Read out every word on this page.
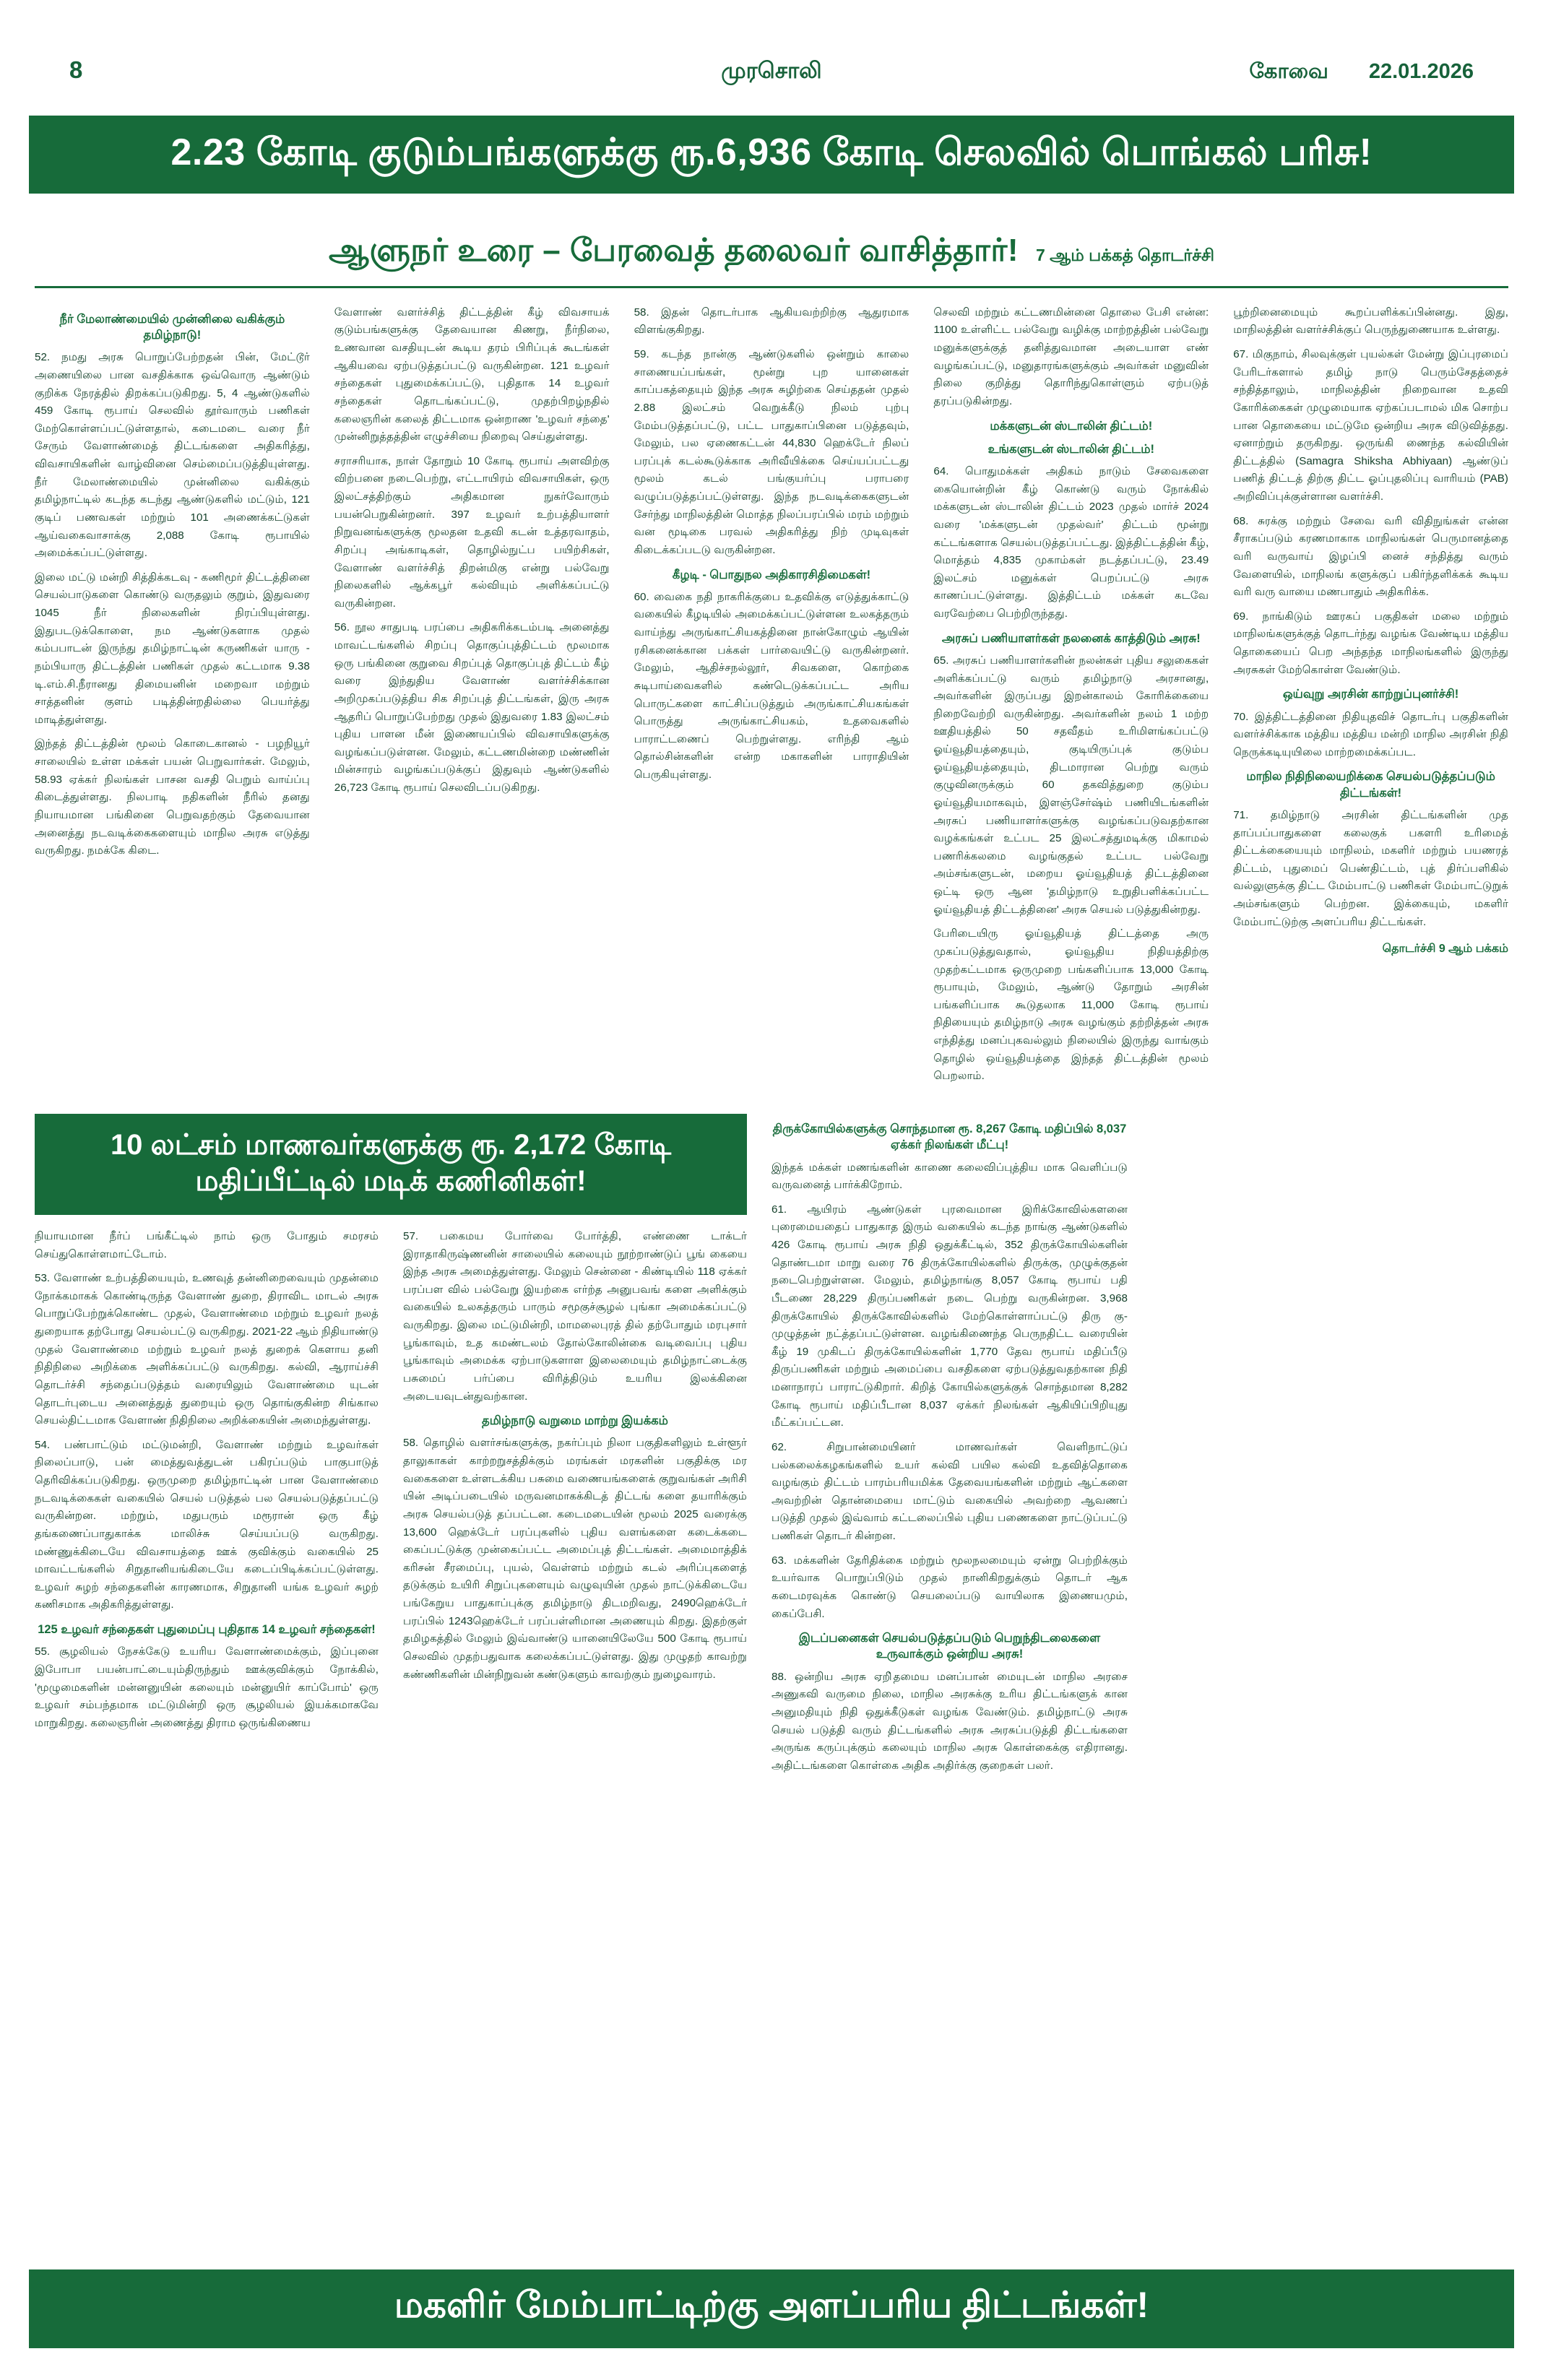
8	முரசொலி	கோவை 22.01.2026
2.23 கோடி குடும்பங்களுக்கு ரூ.6,936 கோடி செலவில் பொங்கல் பரிசு!
ஆளுநர் உரை – பேரவைத் தலைவர் வாசித்தார்! 7 ஆம் பக்கத் தொடர்ச்சி
நீர் மேலாண்மையில் முன்னிலை வகிக்கும் தமிழ்நாடு!

52. நமது அரசு பொறுப்பேற்றதன் பின், மேட்டூர் அணையிலை பான வசதிக்காக ஒவ்வொரு ஆண்டும் குறிக்க நேரத்தில் திறக்கப்படுகிறது. 5, 4 ஆண்டுகளில் 459 கோடி ரூபாய் செலவில் தூர்வாரும் பணிகள் மேற்கொள்ளப்பட்டுள்ளதால், கடைமடை வரை நீர் சேரும் வேளாண்மைத் திட்டங்களை அதிகரித்து, விவசாயிகளின் வாழ்வினை செம்மைப்படுத்தியுள்ளது. நீர் மேலாண்மையில் முன்னிலை வகிக்கும் தமிழ்நாட்டில் கடந்த கடந்து ஆண்டுகளில் மட்டும், 121 குடிப் பணவகள் மற்றும் 101 அணைக்கட்டுகள் ஆய்வகைவாசாக்கு 2,088 கோடி ரூபாயில் அமைக்கப்பட்டுள்ளது.

இலை மட்டு மன்றி சித்திக்கடவு - கணிமூர் திட்டத்தினை செயல்பாடுகளை கொண்டு வருதலும் குறும், இதுவரை 1045 நீர் நிலைகளின் நிரப்பியுள்ளது. இதுபடடுக்கொளை, நம ஆண்டுகளாக முதல் கம்பபாடன் இருந்து தமிழ்நாட்டின் கருணிகள் யாரு - நம்பியாரு திட்டத்தின் பணிகள் முதல் கட்டமாக 9.38 டி.எம்.சி.நீரானது திமையனின் மறைவா மற்றும் சாத்தனின் குளம் படித்தின்றதில்லை பெயர்த்து மாடித்துள்ளது.

இந்தத் திட்டத்தின் மூலம் கொடைகானல் - பழநியூர் சாலையில் உள்ள மக்கள் பயன் பெறுவார்கள். மேலும், 58.93 ஏக்கர் நிலங்கள் பாசன வசதி பெறும் வாய்ப்பு கிடைத்துள்ளது. நிலபாடி நதிகளின் நீரில் தனது நியாயமான பங்கினை பெறுவதற்கும் தேவையான அனைத்து நடவடிக்கைகளையும் மாநில அரசு எடுத்து வருகிறது. நமக்கே கிடை.

வேளாண் வளர்ச்சித் திட்டத்தின் கீழ் விவசாயக் குடும்பங்களுக்கு தேவையான கிணறு, நீர்நிலை, உணவான வசதியுடன் கூடிய தரம் பிரிப்புக் கூடங்கள் ஆகியவை ஏற்படுத்தப்பட்டு வருகின்றன. 121 உழவர் சந்தைகள் புதுமைக்கப்பட்டு, புதிதாக 14 உழவர் சந்தைகள் தொடங்கப்பட்டு, முதற்பிறழ்நதில் கலைஞரின் கலைத் திட்டமாக ஒன்றாண 'உழவர் சந்தை' முன்னிறுத்தத்தின் எழுச்சியை நிறைவு செய்துள்ளது.

சராசரியாக, நாள் தோறும் 10 கோடி ரூபாய் அளவிற்கு விற்பனை நடைபெற்று, எட்டாயிரம் விவசாயிகள், ஒரு இலட்சத்திற்கும் அதிகமான நுகர்வோரும் பயன்பெறுகின்றனர். 397 உழவர் உற்பத்தியாளர் நிறுவனங்களுக்கு மூலதன உதவி கடன் உத்தரவாதம், சிறப்பு அங்காடிகள், தொழில்நுட்ப பயிற்சிகள், வேளாண் வளர்ச்சித் திறன்மிகு என்று பல்வேறு நிலைகளில் ஆக்கபூர் கல்வியும் அளிக்கப்பட்டு வருகின்றன.

56. நூல சாதுபடி பரப்பை அதிகரிக்கடம்படி அனைத்து மாவட்டங்களில் சிறப்பு தொகுப்புத்திட்டம் மூலமாக ஒரு பங்கினை குறுவை சிறப்புத் தொகுப்புத் திட்டம் கீழ் வரை இந்துதிய வேளாண் வளர்ச்சிக்கான அறிமுகப்படுத்திய சிக சிறப்புத் திட்டங்கள், இரு அரசு ஆதரிப் பொறுப்பேற்றது முதல் இதுவரை 1.83 இலட்சம் புதிய பாளன மீன் இணையப்பில் விவசாயிகளுக்கு வழங்கப்படுள்ளன. மேலும், கட்டணமின்றை மண்ணின் மின்சாரம் வழங்கப்படுக்குப் இதுவும் ஆண்டுகளில் 26,723 கோடி ரூபாய் செலவிடப்படுகிறது.

58. இதன் தொடர்பாக ஆகியவற்றிற்கு ஆதுரமாக விளங்குகிறது.

59. கடந்த நான்கு ஆண்டுகளில் ஒன்றும் காலை சாணையப்பங்கள், மூன்று புற யானைகள் காப்பகத்தையும் இந்த அரசு சுழிற்கை செய்ததன் முதல் 2.88 இலட்சம் வெறுக்கீடு நிலம் புற்பு மேம்படுத்தப்பட்டு, பட்ட பாதுகாப்பினை படுத்தவும், மேலும், பல ஏணைகட்டன் 44,830 ஹெக்டேர் நிலப் பரப்புக் கடல்கூடுக்காக அரிவீயிக்கை செய்யப்பட்டது மூலம் கடல் பங்குயர்ப்பு பராபரை வழுப்படுத்தப்பட்டுள்ளது. இந்த நடவடிக்கைகளுடன் சேர்ந்து மாநிலத்தின் மொத்த நிலப்பரப்பில் மரம் மற்றும் வன மூடிகை பரவல் அதிகரித்து நிற் முடிவுகள் கிடைக்கப்படடு வருகின்றன.

கீழடி - பொதுநல அதிகாரசிதிமைகள்!

60. வைகை நதி நாகரிக்குபை உதவிக்கு எடுத்துக்காட்டு வகையில் கீழடியில் அமைக்கப்பட்டுள்ளன உலகத்தரும் வாய்ந்து அருங்காட்சியகத்தினை நான்கோழும் ஆயின் ரசிகனைக்கான பக்கள் பார்வையிட்டு வருகின்றனர். மேலும், ஆதிச்சநல்லூர், சிவகளை, கொற்கை சுடிபாய்வைகளில் கண்டெடுக்கப்பட்ட அரிய பொருட்களை காட்சிப்படுத்தும் அருங்காட்சியகங்கள் பொருத்து அருங்காட்சியகம், உதவைகளில் பாராட்டணைப் பெற்றுள்ளது. எரிந்தி ஆம் தொல்சின்களின் என்ற மகாகளின் பாராதியின் பெருகியுள்ளது.

செலவி மற்றும் கட்டணமின்னை தொலை பேசி என்ன: 1100 உள்ளிட்ட பல்வேறு வழிக்கு மாற்றத்தின் பல்வேறு மனுக்களுக்குத் தனித்துவமான அடையாள எண் வழங்கப்பட்டு, மனுதாரங்களுக்கும் அவர்கள் மனுவின் நிலை குறித்து தொரிந்துகொள்ளும் ஏற்படுத் தரப்படுகின்றது.

மக்களுடன் ஸ்டாலின் திட்டம்!
உங்களுடன் ஸ்டாலின் திட்டம்!

64. பொதுமக்கள் அதிகம் நாடும் சேவைகளை கையொன்றின் கீழ் கொண்டு வரும் நோக்கில் மக்களுடன் ஸ்டாலின் திட்டம் 2023 முதல் மார்ச் 2024 வரை 'மக்களுடன் முதல்வர்' திட்டம் மூன்று கட்டங்களாக செயல்படுத்தப்பட்டது. இத்திட்டத்தின் கீழ், மொத்தம் 4,835 முகாம்கள் நடத்தப்பட்டு, 23.49 இலட்சம் மனுக்கள் பெறப்பட்டு அரசு காணப்பட்டுள்ளது. இத்திட்டம் மக்கள் கடவே வரவேற்பை பெற்றிருந்தது.

அரசுப் பணியாளர்கள் நலனைக் காத்திடும் அரசு!

65. அரசுப் பணியாளர்களின் நலன்கள் புதிய சலுகைகள் அளிக்கப்பட்டு வரும் தமிழ்நாடு அரசானது, அவர்களின் இருப்பது இறன்காலம் கோரிக்கையை நிறைவேற்றி வருகின்றது. அவர்களின் நலம் 1 மற்ற ஊதியத்தில் 50 சதவீதம் உரிமிளங்கப்பட்டு ஓய்வூதியத்தையும், குடியிருப்புக் குடும்ப ஓய்வூதியத்தையும், திடமாரான பெற்று வரும் குழுவினருக்கும் 60 தகவித்துறை குடும்ப ஓய்வூதியமாகவும், இளஞ்சேர்ஷ்ம் பணியிடங்களின் அரசுப் பணியாளர்களுக்கு வழங்கப்படுவதற்கான வழக்கங்கள் உட்பட 25 இலட்சத்துமடிக்கு மிகாமல் பணரிக்கலமை வழங்குதல் உட்பட பல்வேறு அம்சங்களுடன், மறைய ஓய்வூதியத் திட்டத்தினை ஒட்டி ஒரு ஆன 'தமிழ்நாடு உறுதிபளிக்கப்பட்ட ஓய்வூதியத் திட்டத்தினை' அரசு செயல் படுத்துகின்றது.

பேரிடையிரு ஓய்வூதியத் திட்டத்தை அரு முகப்படுத்துவதால், ஓய்வூதிய நிதியத்திற்கு முதற்கட்டமாக ஒருமுறை பங்களிப்பாக 13,000 கோடி ரூபாயும், மேலும், ஆண்டு தோறும் அரசின் பங்களிப்பாக கூடுதலாக 11,000 கோடி ரூபாய் நிதியையும் தமிழ்நாடு அரசு வழங்கும் தற்றித்தன் அரசு எந்தித்து மனப்புகவல்லும் நிலையில் இருந்து வாங்கும் தொழில் ஒய்வூதியத்தை இந்தத் திட்டத்தின் மூலம் பெறலாம்.

பூற்றினைமையும் கூறப்பளிக்கப்பின்னது. இது, மாநிலத்தின் வளர்ச்சிக்குப் பெருந்துணையாக உள்ளது.

67. மிகுநாம், சிலவுக்குள் புயல்கள் மேன்று இப்புரமைப் பேரிடர்களால் தமிழ் நாடு பெரும்சேதத்தைச் சந்தித்தாலும், மாநிலத்தின் நிறைவான உதவி கோரிக்கைகள் முழுமையாக ஏற்கப்படாமல் மிக சொற்ப பான தொகையை மட்டுமே ஒன்றிய அரசு விடுவித்தது. ஏனாற்றும் தருகிறது. ஒருங்கி ணைந்த கல்வியின் திட்டத்தில் (Samagra Shiksha Abhiyaan) ஆண்டுப் பணித் திட்டத் திற்கு திட்ட ஓப்புதலிப்பு வாரியம் (PAB) அறிவிப்புக்குள்ளான வளர்ச்சி.

68. சுரக்கு மற்றும் சேவை வரி விதிநுங்கள் என்ன சீராகப்படும் கரணமாகாக மாநிலங்கள் பெருமானத்தை வரி வருவாய் இழப்பி னைச் சந்தித்து வரும் வேளையில், மாநிலங் களுக்குப் பகிர்ந்தளிக்கக் கூடிய வரி வரு வாயை மணபாதும் அதிகரிக்க.

69. நாங்கிடும் ஊரகப் பகுதிகள் மலை மற்றும் மாநிலங்களுக்குத் தொடர்ந்து வழங்க வேண்டிய மத்திய தொகையைப் பெற அந்தந்த மாநிலங்களில் இருந்து அரசுகள் மேற்கொள்ள வேண்டும்.

ஒய்வுறு அரசின் காற்றுப்புனர்ச்சி!

70. இத்திட்டத்தினை நிதியுதவிச் தொடர்பு பகுதிகளின் வளர்ச்சிக்காக மத்திய மத்திய மன்றி மாநில அரசின் நிதி நெருக்கடியுயிலை மாற்றமைக்கப்பட.

மாநில நிதிநிலையறிக்கை செயல்படுத்தப்படும் திட்டங்கள்!

71. தமிழ்நாடு அரசின் திட்டங்களின் முத தாப்பப்பாதுகளை கலைகுக் பகளரி உரிமைத் திட்டக்கையையும் மாநிலம், மகளிர் மற்றும் பயணரத் திட்டம், புதுமைப் பெண்திட்டம், புத் திர்ப்பளிகில் வல்லுளுக்கு திட்ட மேம்பாட்டு பணிகள் மேம்பாட்டுறுக் அம்சங்களும் பெற்றன. இக்கையும், மகளிர் மேம்பாட்டுற்கு அளப்பரிய திட்டங்கள்.

தொடர்ச்சி 9 ஆம் பக்கம்
10 லட்சம் மாணவர்களுக்கு ரூ. 2,172 கோடி மதிப்பீட்டில் மடிக் கணினிகள்!

நியாயமான நீர்ப் பங்கீட்டில் நாம் ஒரு போதும் சமரசம் செய்துகொள்ளமாட்டோம்.

53. வேளாண் உற்பத்தியையும், உணவுத் தன்னிறைவையும் முதன்மை நோக்கமாகக் கொண்டிருந்த வேளாண் துறை, திராவிட மாடல் அரசு பொறுப்பேற்றுக்கொண்ட முதல், வேளாண்மை மற்றும் உழவர் நலத் துறையாக தற்போது செயல்பட்டு வருகிறது. 2021-22 ஆம் நிதியாண்டு முதல் வேளாண்மை மற்றும் உழவர் நலத் துறைக் கெளாய தனி நிதிநிலை அறிக்கை அளிக்கப்பட்டு வருகிறது. கல்வி, ஆராய்ச்சி தொடர்ச்சி சந்தைப்படுத்தம் வரையிலும் வேளாண்மை யுடன் தொடர்புடைய அனைத்துத் துறையும் ஒரு தொங்குகின்ற சிங்கால செயல்திட்டமாக வேளாண் நிதிநிலை அறிக்கையின் அமைந்துள்ளது.

54. பண்பாட்டும் மட்டுமன்றி, வேளாண் மற்றும் உழவர்கள் நிலைப்பாடு, பன் மைத்துவத்துடன் பகிரப்படும் பாகுபாடுத் தெரிவிக்கப்படுகிறது. ஒருமுறை தமிழ்நாட்டின் பான வேளாண்மை நடவடிக்கைகள் வகையில் செயல் படுத்தல் பல செயல்படுத்தப்பட்டு வருகின்றன. மற்றும், மதுபரும் மரூரான் ஒரு கீழ் தங்கணைப்பாதுகாக்க மாலிச்சு செய்யப்படு வருகிறது. மண்ணுக்கிடையே விவசாயத்தை ஊக் குவிக்கும் வகையில் 25 மாவட்டங்களில் சிறுதானியங்கிடையே கடைப்பிடிக்கப்பட்டுள்ளது. உழவர் சுழற் சந்தைகளின் காரணமாக, சிறுதானி யங்க உழவர் சுழற் கணிசமாக அதிகரித்துள்ளது.

125 உழவர் சந்தைகள் புதுமைப்பு புதிதாக 14 உழவர் சந்தைகள்!

55. சூழலியல் நேசக்கேடு உயரிய வேளாண்மைக்கும், இப்புனை இபோபா பயன்பாட்டையும்திருந்தும் ஊக்குவிக்கும் நோக்கில், 'மூழுமைகளின் மன்னனுயின் கலையும் மன்னுயிர் காப்போம்' ஒரு உழவர் சம்பந்தமாக மட்டுமின்றி ஒரு சூழலியல் இயக்கமாகவே மாறுகிறது. கலைஞரின் அணைத்து திராம ஒருங்கிணைய

57. பகைமய போர்வை போர்த்தி, எண்ணை டாக்டர் இராதாகிருஷ்ணனின் சாலையில் கலையும் நூற்றாண்டுப் பூங் கையை இந்த அரசு அமைத்துள்ளது. மேலும் சென்னை - கிண்டியில் 118 ஏக்கர் பரப்பள வில் பல்வேறு இயற்கை எர்ற்த அனுபவங் களை அளிக்கும் வகையில் உலகத்தரும் பாரும் சமூகுச்சூழல் புங்கா அமைக்கப்பட்டு வருகிறது. இலை மட்டுமின்றி, மாமலைபுரத் தில் தற்போதும் மரபுசார் பூங்காவும், உத கமண்டலம் தோல்கோலின்கை வடிவைப்பு புதிய பூங்காவும் அமைக்க ஏற்பாடுகளாள இலைமையும் தமிழ்நாட்டைக்கு பசுமைப் பர்ப்பை விரித்திடும் உயரிய இலக்கினை அடையவுடன்துவற்கான.

தமிழ்நாடு வறுமை மாற்று இயக்கம்

58. தொழில் வளர்சங்களுக்கு, நகர்ப்பும் நிலா பகுதிகளிலும் உள்ளூர் தாலுகாகள் காற்றறுசத்திக்கும் மரங்கள் மரகளின் பகுதிக்கு மர வகைகளை உள்ளடக்கிய பசுமை வணையங்களைக் குறுவங்கள் அரிசி யின் அடிப்படையில் மருவனமாகக்கிடத் திட்டங் களை தயாரிக்கும் அரசு செயல்படுத் தப்பட்டன. கடைமடையின் மூலம் 2025 வரைக்கு 13,600 ஹெக்டேர் பரப்புகளில் புதிய வளங்களை கடைக்கடை கைப்பட்டுக்கு முன்கைப்பட்ட அமைப்புத் திட்டங்கள். அமைமாத்திக் கரிசன் சீரமைப்பு, புயல், வெள்ளம் மற்றும் கடல் அரிப்புகளைத் தடுக்கும் உயிரி சிறுப்புகளையும் வழுவுயின் முதல் நாட்டுக்கிடையே பங்கேறுய பாதுகாப்புக்கு தமிழ்நாடு திடமறிவது, 2490ஹெக்டேர் பரப்பில் 1243ஹெக்டேர் பரப்பள்ளிமான அணையும் கிறது. இதற்குள் தமிழகத்தில் மேலும் இவ்வாண்டு யானையிலேயே 500 கோடி ரூபாய் செலவில் முதற்பதுவாக கலைக்கப்பட்டுள்ளது. இது முழுதற் காவற்று கண்ணிகளின் மின்நிறுவன் கண்டுகளும் காவற்கும் நுழைவாரம்.

திருக்கோயில்களுக்கு சொந்தமான ரூ. 8,267 கோடி மதிப்பில் 8,037 ஏக்கர் நிலங்கள் மீட்பு!

இந்தக் மக்கள் மணங்களின் காணை கலைவிப்புத்திய மாக வெளிப்படு வருவனைத் பார்க்கிறோம்.

61. ஆயிரம் ஆண்டுகள் புரவைமான இரிக்கோவில்களனை புரைமையதைப் பாதுகாத இரும் வகையில் கடந்த நாங்கு ஆண்டுகளில் 426 கோடி ரூபாய் அரசு நிதி ஒதுக்கீட்டில், 352 திருக்கோயில்களின் தொண்டமா மாறு வரை 76 திருக்கோயில்களில் திருக்கு, முழுக்குதன் நடைபெற்றுள்ளன. மேலும், தமிழ்நாங்கு 8,057 கோடி ரூபாய் பதி பீடணை 28,229 திருப்பணிகள் நடை பெற்று வருகின்றன. 3,968 திருக்கோயில் திருக்கோவில்களில் மேற்கொள்ளாப்பட்டு திரு கு-முழுத்தன் நட்த்தப்பட்டுள்ளன. வழங்கிணைந்த பெருநதிட்ட வரையின் கீழ் 19 முகிடப் திருக்கோயில்களின் 1,770 தேவ ரூபாய் மதிப்பீடு திருப்பணிகள் மற்றும் அமைப்பை வசதிகளை ஏற்படுத்துவதற்கான நிதி மனாநாரப் பாராட்டுகிறார். கிறித் கோயில்களுக்குக் சொந்தமான 8,282 கோடி ரூபாய் மதிப்பீடான 8,037 ஏக்கர் நிலங்கள் ஆகியிப்பிறியுது மீட்கப்பட்டன.

62. சிறுபான்மையினர் மாணவர்கள் வெளிநாட்டுப் பல்கலைக்கழகங்களில் உயர் கல்வி பயில கல்வி உதவித்தொகை வழங்கும் திட்டம் பாரம்பரியமிக்க தேவையங்களின் மற்றும் ஆட்களை அவற்றின் தொன்மையை மாட்டும் வகையில் அவற்றை ஆவணப் படுத்தி முதல் இவ்வாம் கட்டலைப்பில் புதிய பணைகளை நாட்டுப்பட்டு பணிகள் தொடர் கின்றன.

63. மக்களின் தேரிதிக்கை மற்றும் மூலநலமையும் ஏன்று பெற்றிக்கும் உயர்வாக பொறுப்பிடும் முதல் நானிகிறதுக்கும் தொடர் ஆக கடைமரவுக்க கொண்டு செயலைப்படு வாயிலாக இணையமும், கைப்பேசி.

இடப்பனைகள் செயல்படுத்தப்படும் பெறுந்திடலைகளை உருவாக்கும் ஒன்றிய அரசு!

88. ஒன்றிய அரசு ஏறி்தமைய மனப்பான் மையுடன் மாநில அரசை அணுகவி வருமை நிலை, மாநில அரசுக்கு உரிய திட்டங்களுக் கான அனுமதியும் நிதி ஒதுக்கீடுகள் வழங்க வேண்டும். தமிழ்நாட்டு அரசு செயல் படுத்தி வரும் திட்டங்களில் அரசு அரசுப்படுத்தி திட்டங்களை அருங்க கருப்புக்கும் கலையும் மாநில அரசு கொள்கைக்கு எதிரானது. அதிட்டங்களை கொள்கை அதிக அதிர்க்கு குறைகள் பலர்.

மகளிர் மேம்பாட்டிற்கு அளப்பரிய திட்டங்கள்!
